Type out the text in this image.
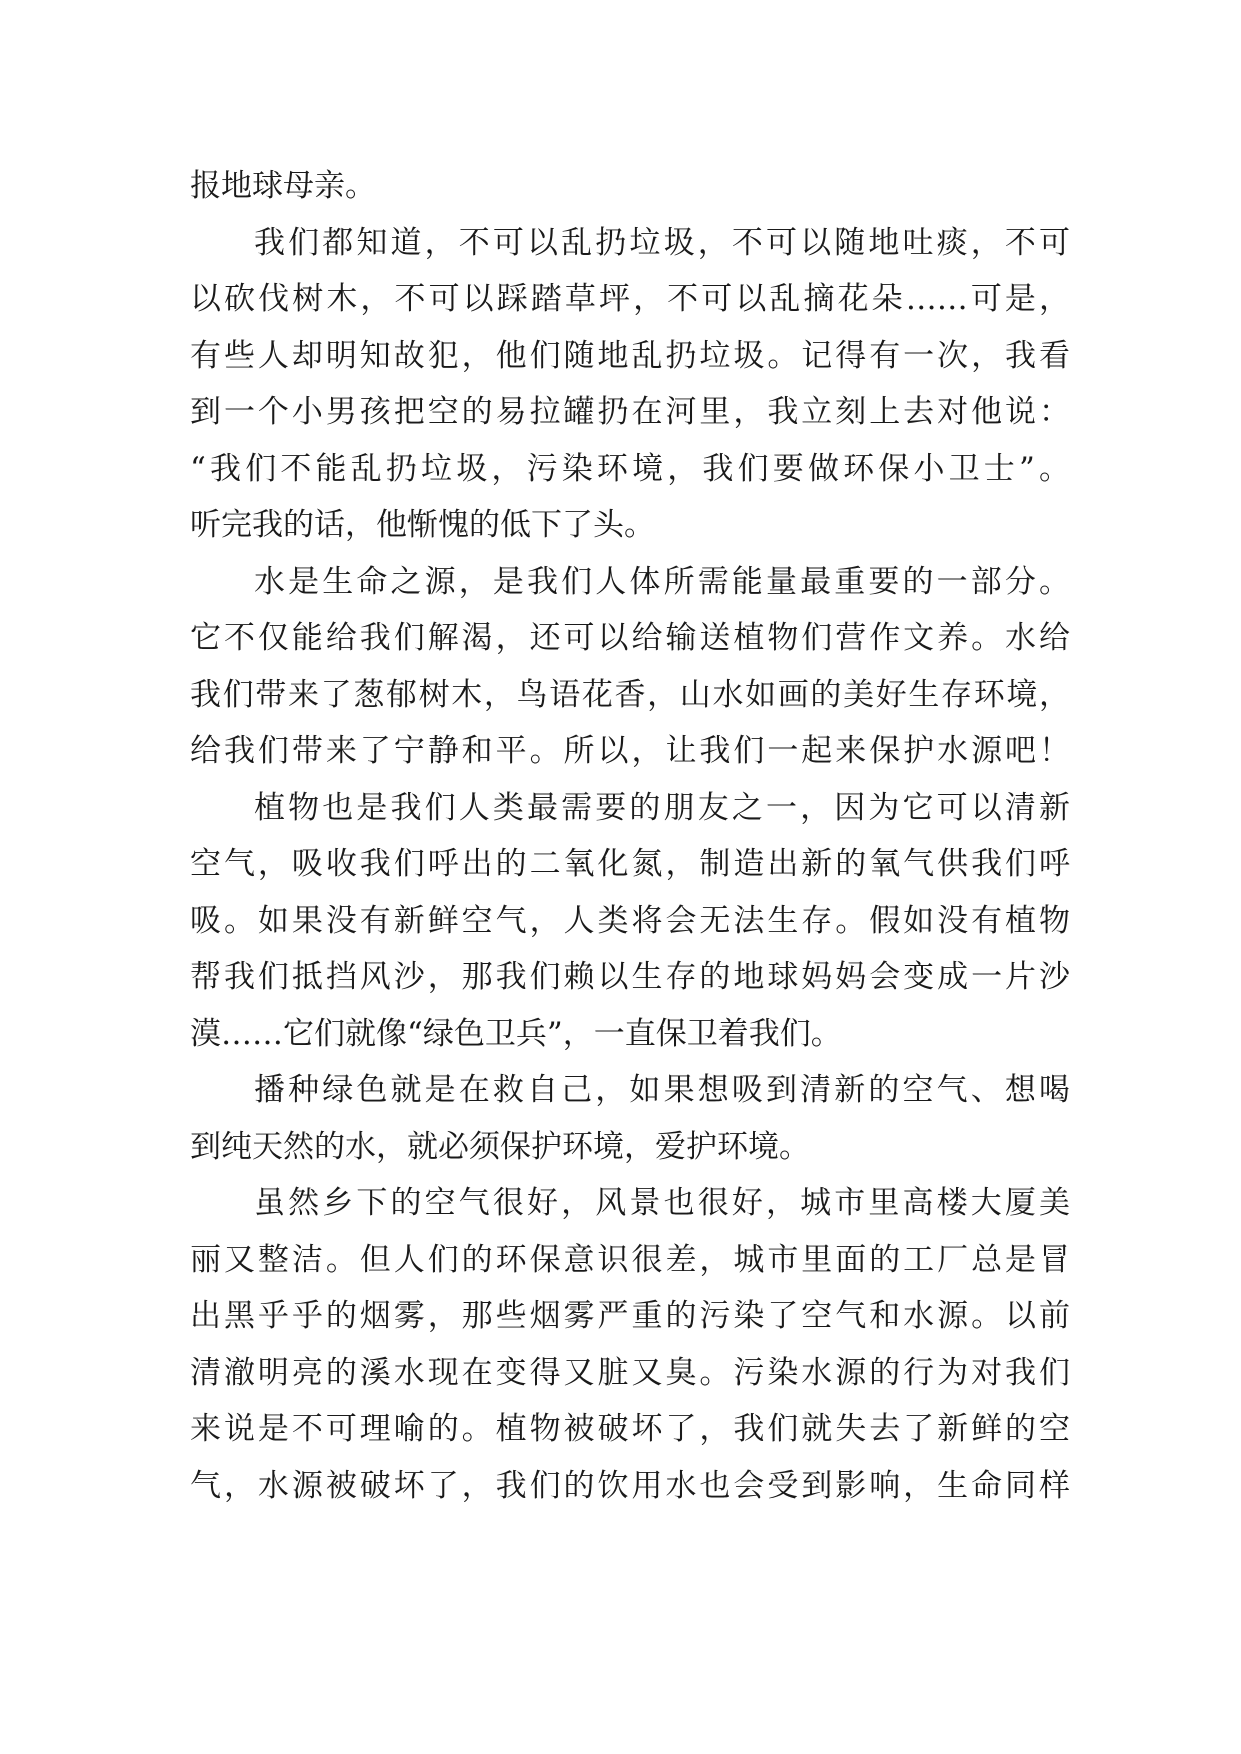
报地球母亲。
我们都知道，不可以乱扔垃圾，不可以随地吐痰，不可
以砍伐树木，不可以踩踏草坪，不可以乱摘花朵……可是，
有些人却明知故犯，他们随地乱扔垃圾。记得有一次，我看
到一个小男孩把空的易拉罐扔在河里，我立刻上去对他说：
“我们不能乱扔垃圾，污染环境，我们要做环保小卫士”。
听完我的话，他惭愧的低下了头。
水是生命之源，是我们人体所需能量最重要的一部分。
它不仅能给我们解渴，还可以给输送植物们营作文养。水给
我们带来了葱郁树木，鸟语花香，山水如画的美好生存环境，
给我们带来了宁静和平。所以，让我们一起来保护水源吧！
植物也是我们人类最需要的朋友之一，因为它可以清新
空气，吸收我们呼出的二氧化氮，制造出新的氧气供我们呼
吸。如果没有新鲜空气，人类将会无法生存。假如没有植物
帮我们抵挡风沙，那我们赖以生存的地球妈妈会变成一片沙
漠……它们就像“绿色卫兵”，一直保卫着我们。
播种绿色就是在救自己，如果想吸到清新的空气、想喝
到纯天然的水，就必须保护环境，爱护环境。
虽然乡下的空气很好，风景也很好，城市里高楼大厦美
丽又整洁。但人们的环保意识很差，城市里面的工厂总是冒
出黑乎乎的烟雾，那些烟雾严重的污染了空气和水源。以前
清澈明亮的溪水现在变得又脏又臭。污染水源的行为对我们
来说是不可理喻的。植物被破坏了，我们就失去了新鲜的空
气，水源被破坏了，我们的饮用水也会受到影响，生命同样
